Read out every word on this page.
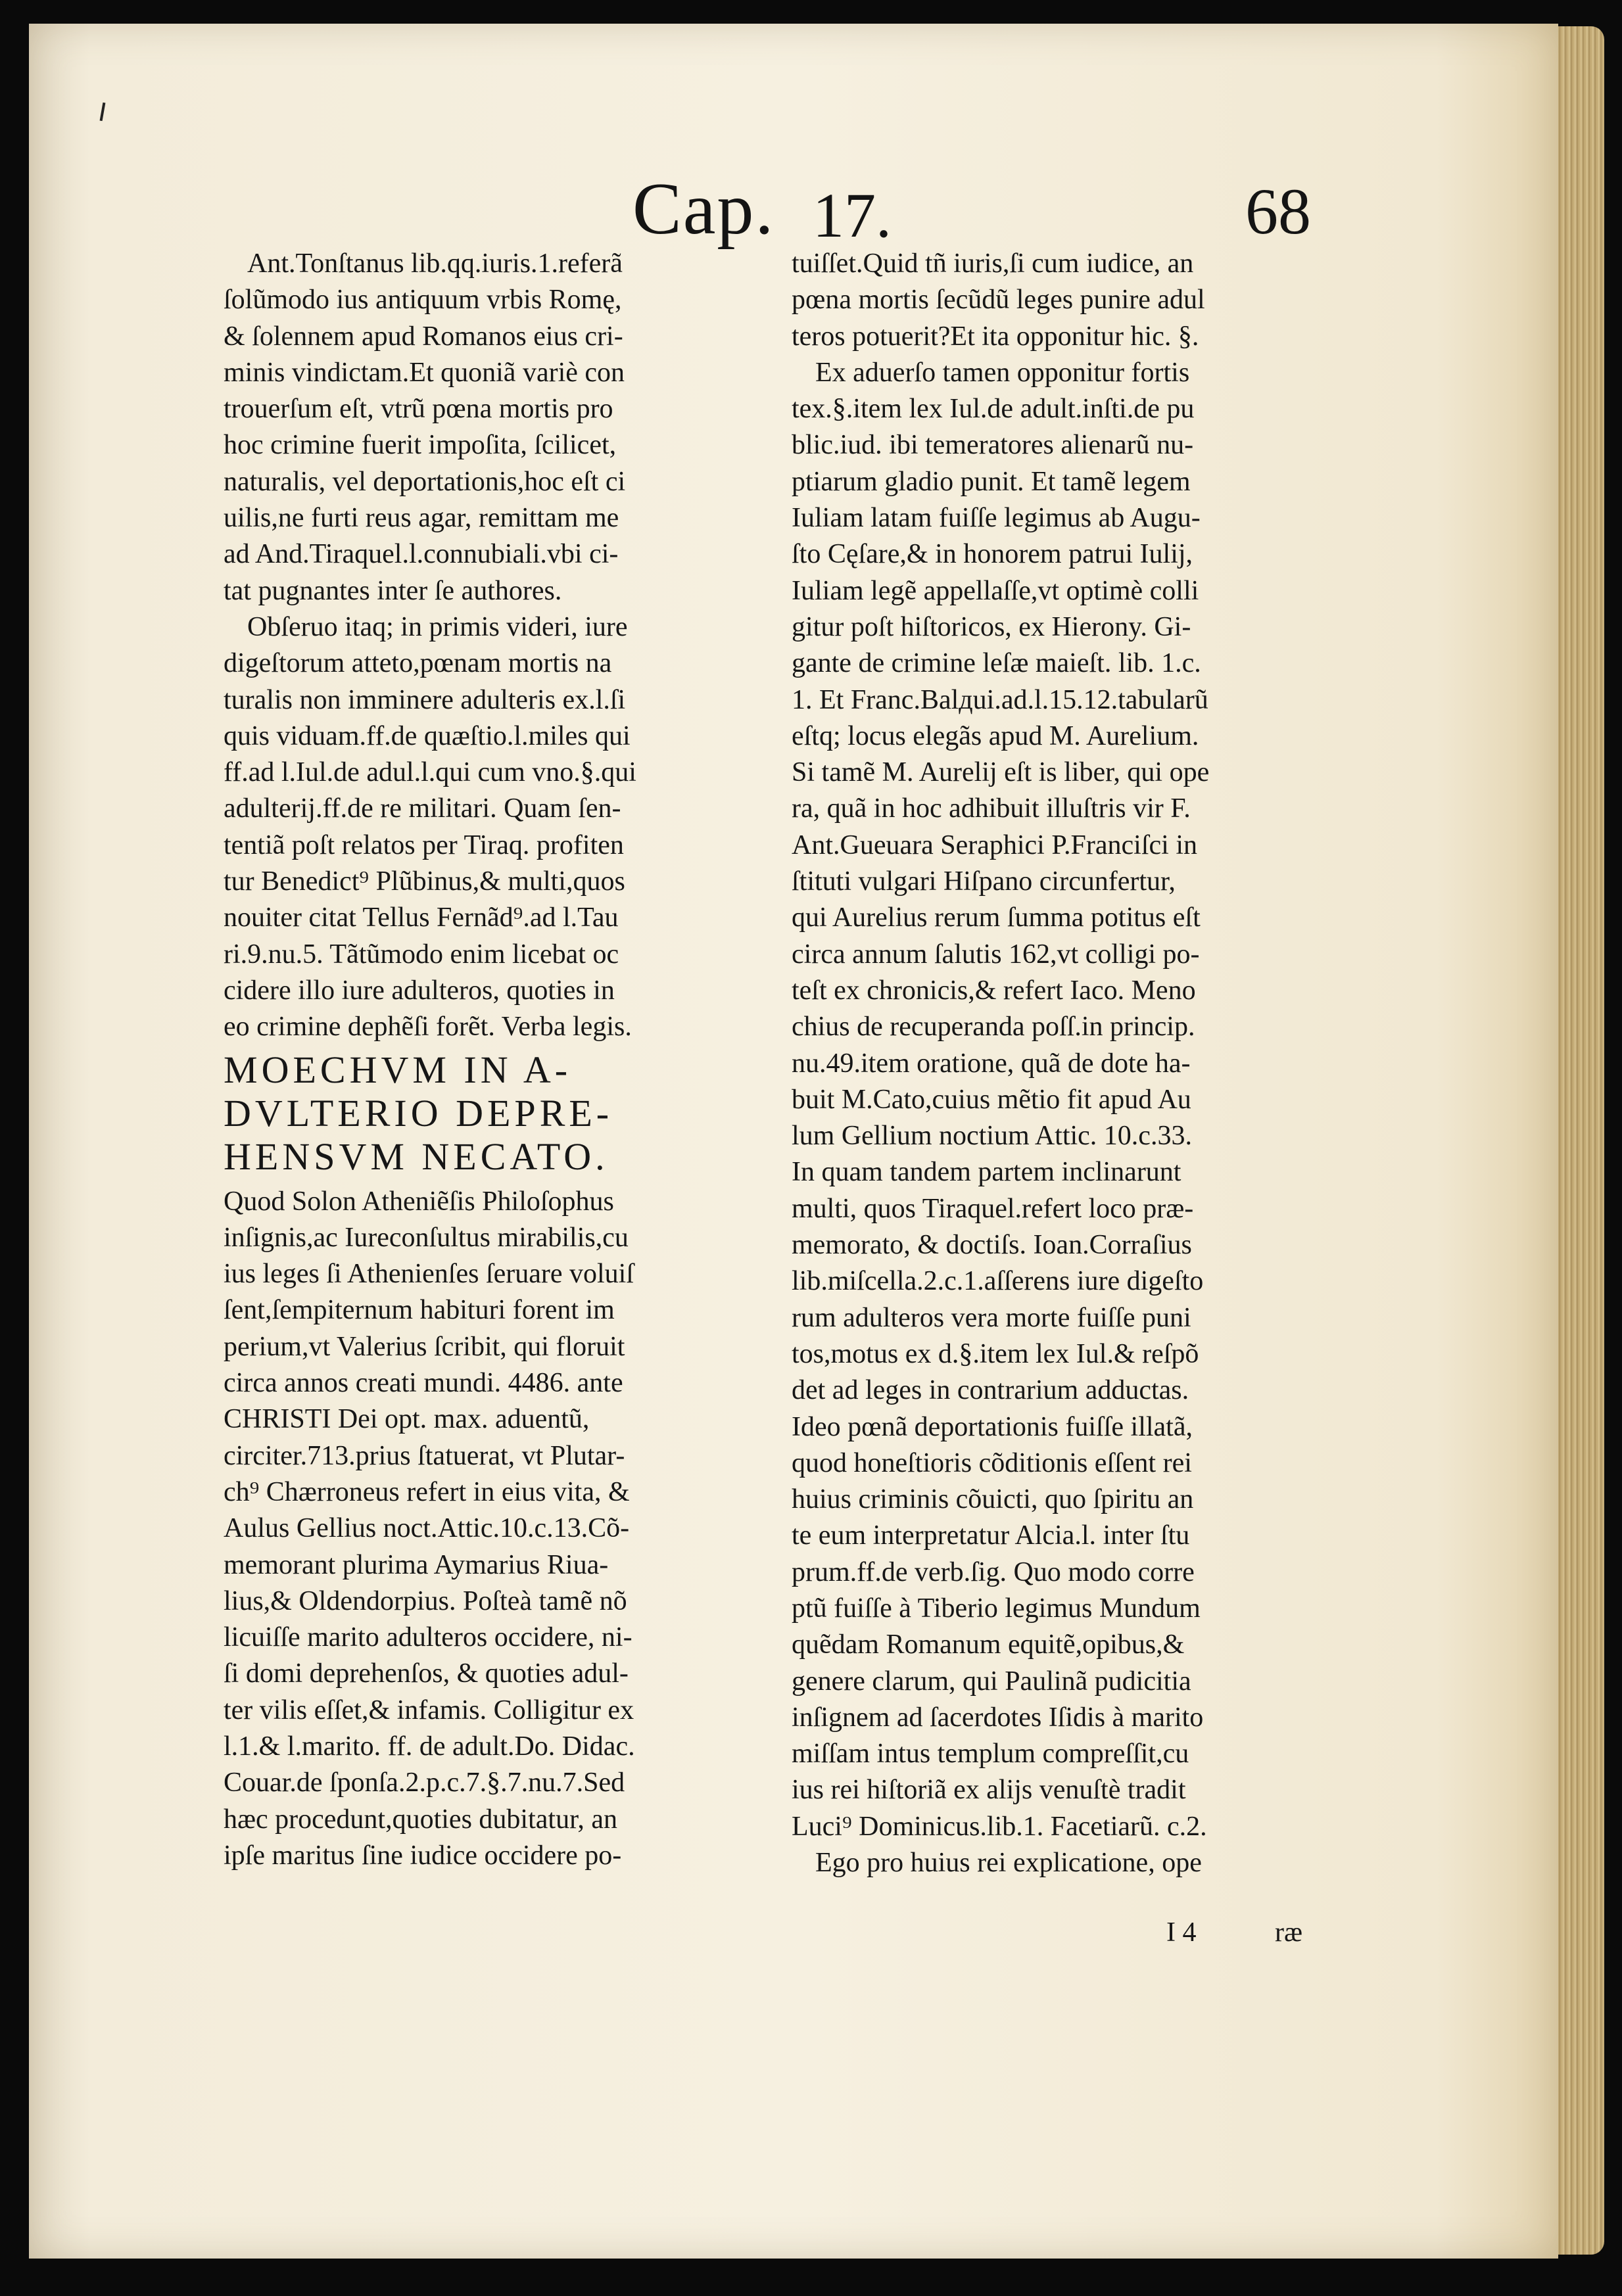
Cap. 17.	68
Ant.Tonſtanus lib.qq.iuris.1.referã
ſolũmodo ius antiquum vrbis Romę,
& ſolennem apud Romanos eius cri-
minis vindictam.Et quoniã variè con
trouerſum eſt, vtrũ pœna mortis pro
hoc crimine fuerit impoſita, ſcilicet,
naturalis, vel deportationis,hoc eſt ci
uilis,ne furti reus agar, remittam me
ad And.Tiraquel.l.connubiali.vbi ci-
tat pugnantes inter ſe authores.
Obſeruo itaq; in primis videri, iure
digeſtorum atteto,pœnam mortis na
turalis non imminere adulteris ex.l.ſi
quis viduam.ff.de quæſtio.l.miles qui
ff.ad l.Iul.de adul.l.qui cum vno.§.qui
adulterij.ff.de re militari. Quam ſen-
tentiã poſt relatos per Tiraq. profiten
tur Benedict⁹ Plũbinus,& multi,quos
nouiter citat Tellus Fernãd⁹.ad l.Tau
ri.9.nu.5. Tãtũmodo enim licebat oc
cidere illo iure adulteros, quoties in
eo crimine dephẽſi forẽt. Verba legis.
MOECHVM IN A-
DVLTERIO DEPRE-
HENSVM NECATO.
Quod Solon Atheniẽſis Philoſophus
inſignis,ac Iureconſultus mirabilis,cu
ius leges ſi Athenienſes ſeruare voluiſ
ſent,ſempiternum habituri forent im
perium,vt Valerius ſcribit, qui floruit
circa annos creati mundi. 4486. ante
CHRISTI Dei opt. max. aduentũ,
circiter.713.prius ſtatuerat, vt Plutar-
ch⁹ Chærroneus refert in eius vita, &
Aulus Gellius noct.Attic.10.c.13.Cõ-
memorant plurima Aymarius Riua-
lius,& Oldendorpius. Poſteà tamẽ nõ
licuiſſe marito adulteros occidere, ni-
ſi domi deprehenſos, & quoties adul-
ter vilis eſſet,& infamis. Colligitur ex
l.1.& l.marito. ff. de adult.Do. Didac.
Couar.de ſponſa.2.p.c.7.§.7.nu.7.Sed
hæc procedunt,quoties dubitatur, an
ipſe maritus ſine iudice occidere po-
tuiſſet.Quid tñ iuris,ſi cum iudice, an
pœna mortis ſecũdũ leges punire adul
teros potuerit?Et ita opponitur hic. §.
Ex aduerſo tamen opponitur fortis
tex.§.item lex Iul.de adult.inſti.de pu
blic.iud. ibi temeratores alienarũ nu-
ptiarum gladio punit. Et tamẽ legem
Iuliam latam fuiſſe legimus ab Augu-
ſto Cęſare,& in honorem patrui Iulij,
Iuliam legẽ appellaſſe,vt optimè colli
gitur poſt hiſtoricos, ex Hierony. Gi-
gante de crimine leſæ maieſt. lib. 1.c.
1. Et Franc.Balдui.ad.l.15.12.tabularũ
eſtq; locus elegãs apud M. Aurelium.
Si tamẽ M. Aurelij eſt is liber, qui ope
ra, quã in hoc adhibuit illuſtris vir F.
Ant.Gueuara Seraphici P.Franciſci in
ſtituti vulgari Hiſpano circunfertur,
qui Aurelius rerum ſumma potitus eſt
circa annum ſalutis 162,vt colligi po-
teſt ex chronicis,& refert Iaco. Meno
chius de recuperanda poſſ.in princip.
nu.49.item oratione, quã de dote ha-
buit M.Cato,cuius mẽtio fit apud Au
lum Gellium noctium Attic. 10.c.33.
In quam tandem partem inclinarunt
multi, quos Tiraquel.refert loco præ-
memorato, & doctiſs. Ioan.Corraſius
lib.miſcella.2.c.1.aſſerens iure digeſto
rum adulteros vera morte fuiſſe puni
tos,motus ex d.§.item lex Iul.& reſpõ
det ad leges in contrarium adductas.
Ideo pœnã deportationis fuiſſe illatã,
quod honeſtioris cõditionis eſſent rei
huius criminis cõuicti, quo ſpiritu an
te eum interpretatur Alcia.l. inter ſtu
prum.ff.de verb.ſig. Quo modo corre
ptũ fuiſſe à Tiberio legimus Mundum
quẽdam Romanum equitẽ,opibus,&
genere clarum, qui Paulinã pudicitia
inſignem ad ſacerdotes Iſidis à marito
miſſam intus templum compreſſit,cu
ius rei hiſtoriã ex alijs venuſtè tradit
Luci⁹ Dominicus.lib.1. Facetiarũ. c.2.
Ego pro huius rei explicatione, ope
I 4	ræ
